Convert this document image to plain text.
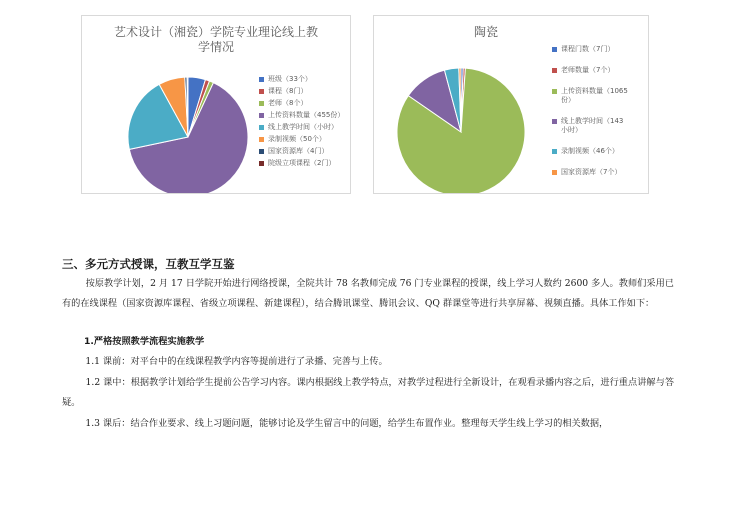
艺术设计（湘瓷）学院专业理论线上教
学情况
班级（33个）
课程（8门）
老师（8个）
上传资料数量（455份）
线上教学时间（小时）
录制视频（50个）
国家资源库（4门）
院级立项课程（2门）
陶瓷
课程门数（7门）
老师数量（7个）
上传资料数量（1065
份）
线上教学时间（143
小时）
录制视频（46个）
国家资源库（7个）
三、多元方式授课，互教互学互鉴
按原教学计划，2 月 17 日学院开始进行网络授课，全院共计 78 名教师完成 76 门专业课程的授课，线上学习人数约 2600 多人。教师们采用已有的在线课程（国家资源库课程、省级立项课程、新建课程），结合腾讯课堂、腾讯会议、QQ 群课堂等进行共享屏幕、视频直播。具体工作如下：
1.严格按照教学流程实施教学
1.1 课前：对平台中的在线课程教学内容等提前进行了录播、完善与上传。
1.2 课中：根据教学计划给学生提前公告学习内容。课内根据线上教学特点，对教学过程进行全新设计，在观看录播内容之后，进行重点讲解与答疑。
1.3 课后：结合作业要求、线上习题问题，能够讨论及学生留言中的问题，给学生布置作业。整理每天学生线上学习的相关数据，
